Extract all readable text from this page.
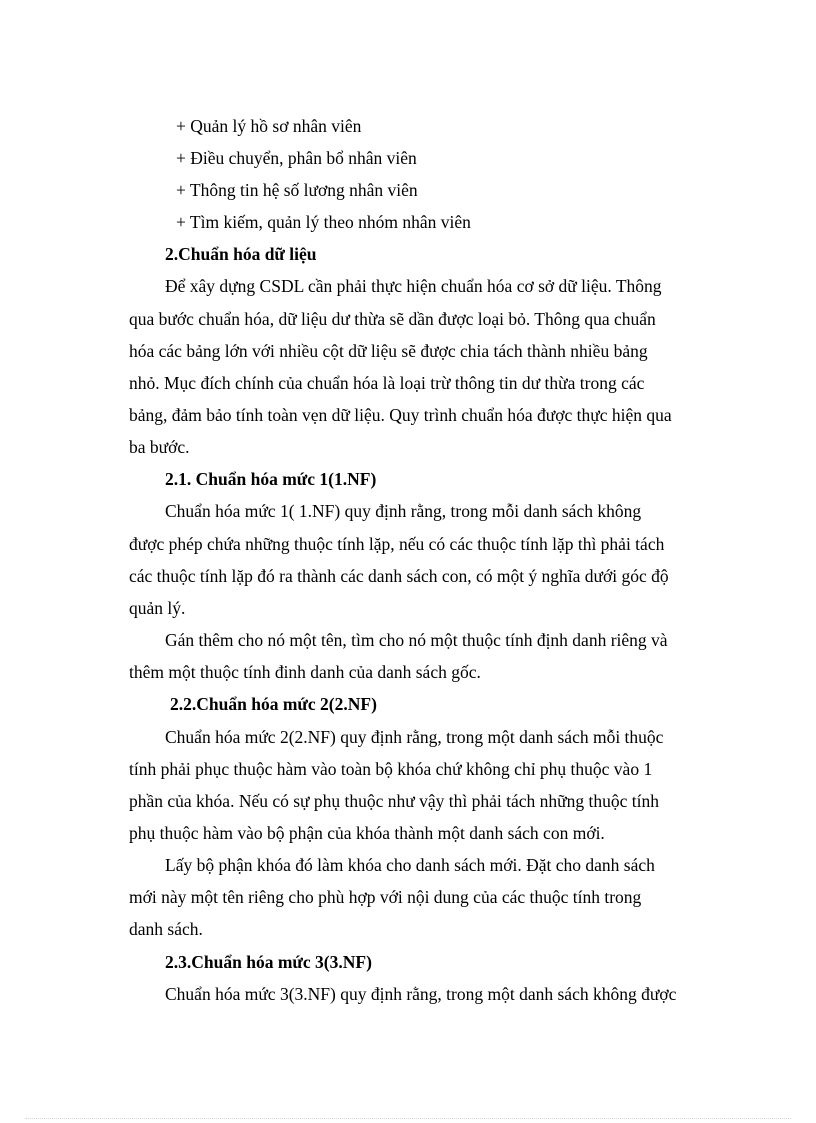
+ Quản lý hồ sơ nhân viên
+ Điều chuyển, phân bổ nhân viên
+ Thông tin hệ số lương nhân viên
+ Tìm kiếm, quản lý theo nhóm nhân viên
2.Chuẩn hóa dữ liệu
Để xây dựng CSDL cần phải thực hiện chuẩn hóa cơ sở dữ liệu. Thông
qua bước chuẩn hóa, dữ liệu dư thừa sẽ dần được loại bỏ. Thông qua chuẩn
hóa các bảng lớn với nhiều cột dữ liệu sẽ được chia tách thành nhiều bảng
nhỏ. Mục đích chính của chuẩn hóa là loại trừ thông tin dư thừa trong các
bảng, đảm bảo tính toàn vẹn dữ liệu. Quy trình chuẩn hóa được thực hiện qua
ba bước.
2.1. Chuẩn hóa mức 1(1.NF)
Chuẩn hóa mức 1( 1.NF) quy định rằng, trong mỗi danh sách không
được phép chứa những thuộc tính lặp, nếu có các thuộc tính lặp thì phải tách
các thuộc tính lặp đó ra thành các danh sách con, có một ý nghĩa dưới góc độ
quản lý.
Gán thêm cho nó một tên, tìm cho nó một thuộc tính định danh riêng và
thêm một thuộc tính đinh danh của danh sách gốc.
2.2.Chuẩn hóa mức 2(2.NF)
Chuẩn hóa mức 2(2.NF) quy định rằng, trong một danh sách mỗi thuộc
tính phải phục thuộc hàm vào toàn bộ khóa chứ không chỉ phụ thuộc vào 1
phần của khóa. Nếu có sự phụ thuộc như vậy thì phải tách những thuộc tính
phụ thuộc hàm vào bộ phận của khóa thành một danh sách con mới.
Lấy bộ phận khóa đó làm khóa cho danh sách mới. Đặt cho danh sách
mới này một tên riêng cho phù hợp với nội dung của các thuộc tính trong
danh sách.
2.3.Chuẩn hóa mức 3(3.NF)
Chuẩn hóa mức 3(3.NF) quy định rằng, trong một danh sách không được
